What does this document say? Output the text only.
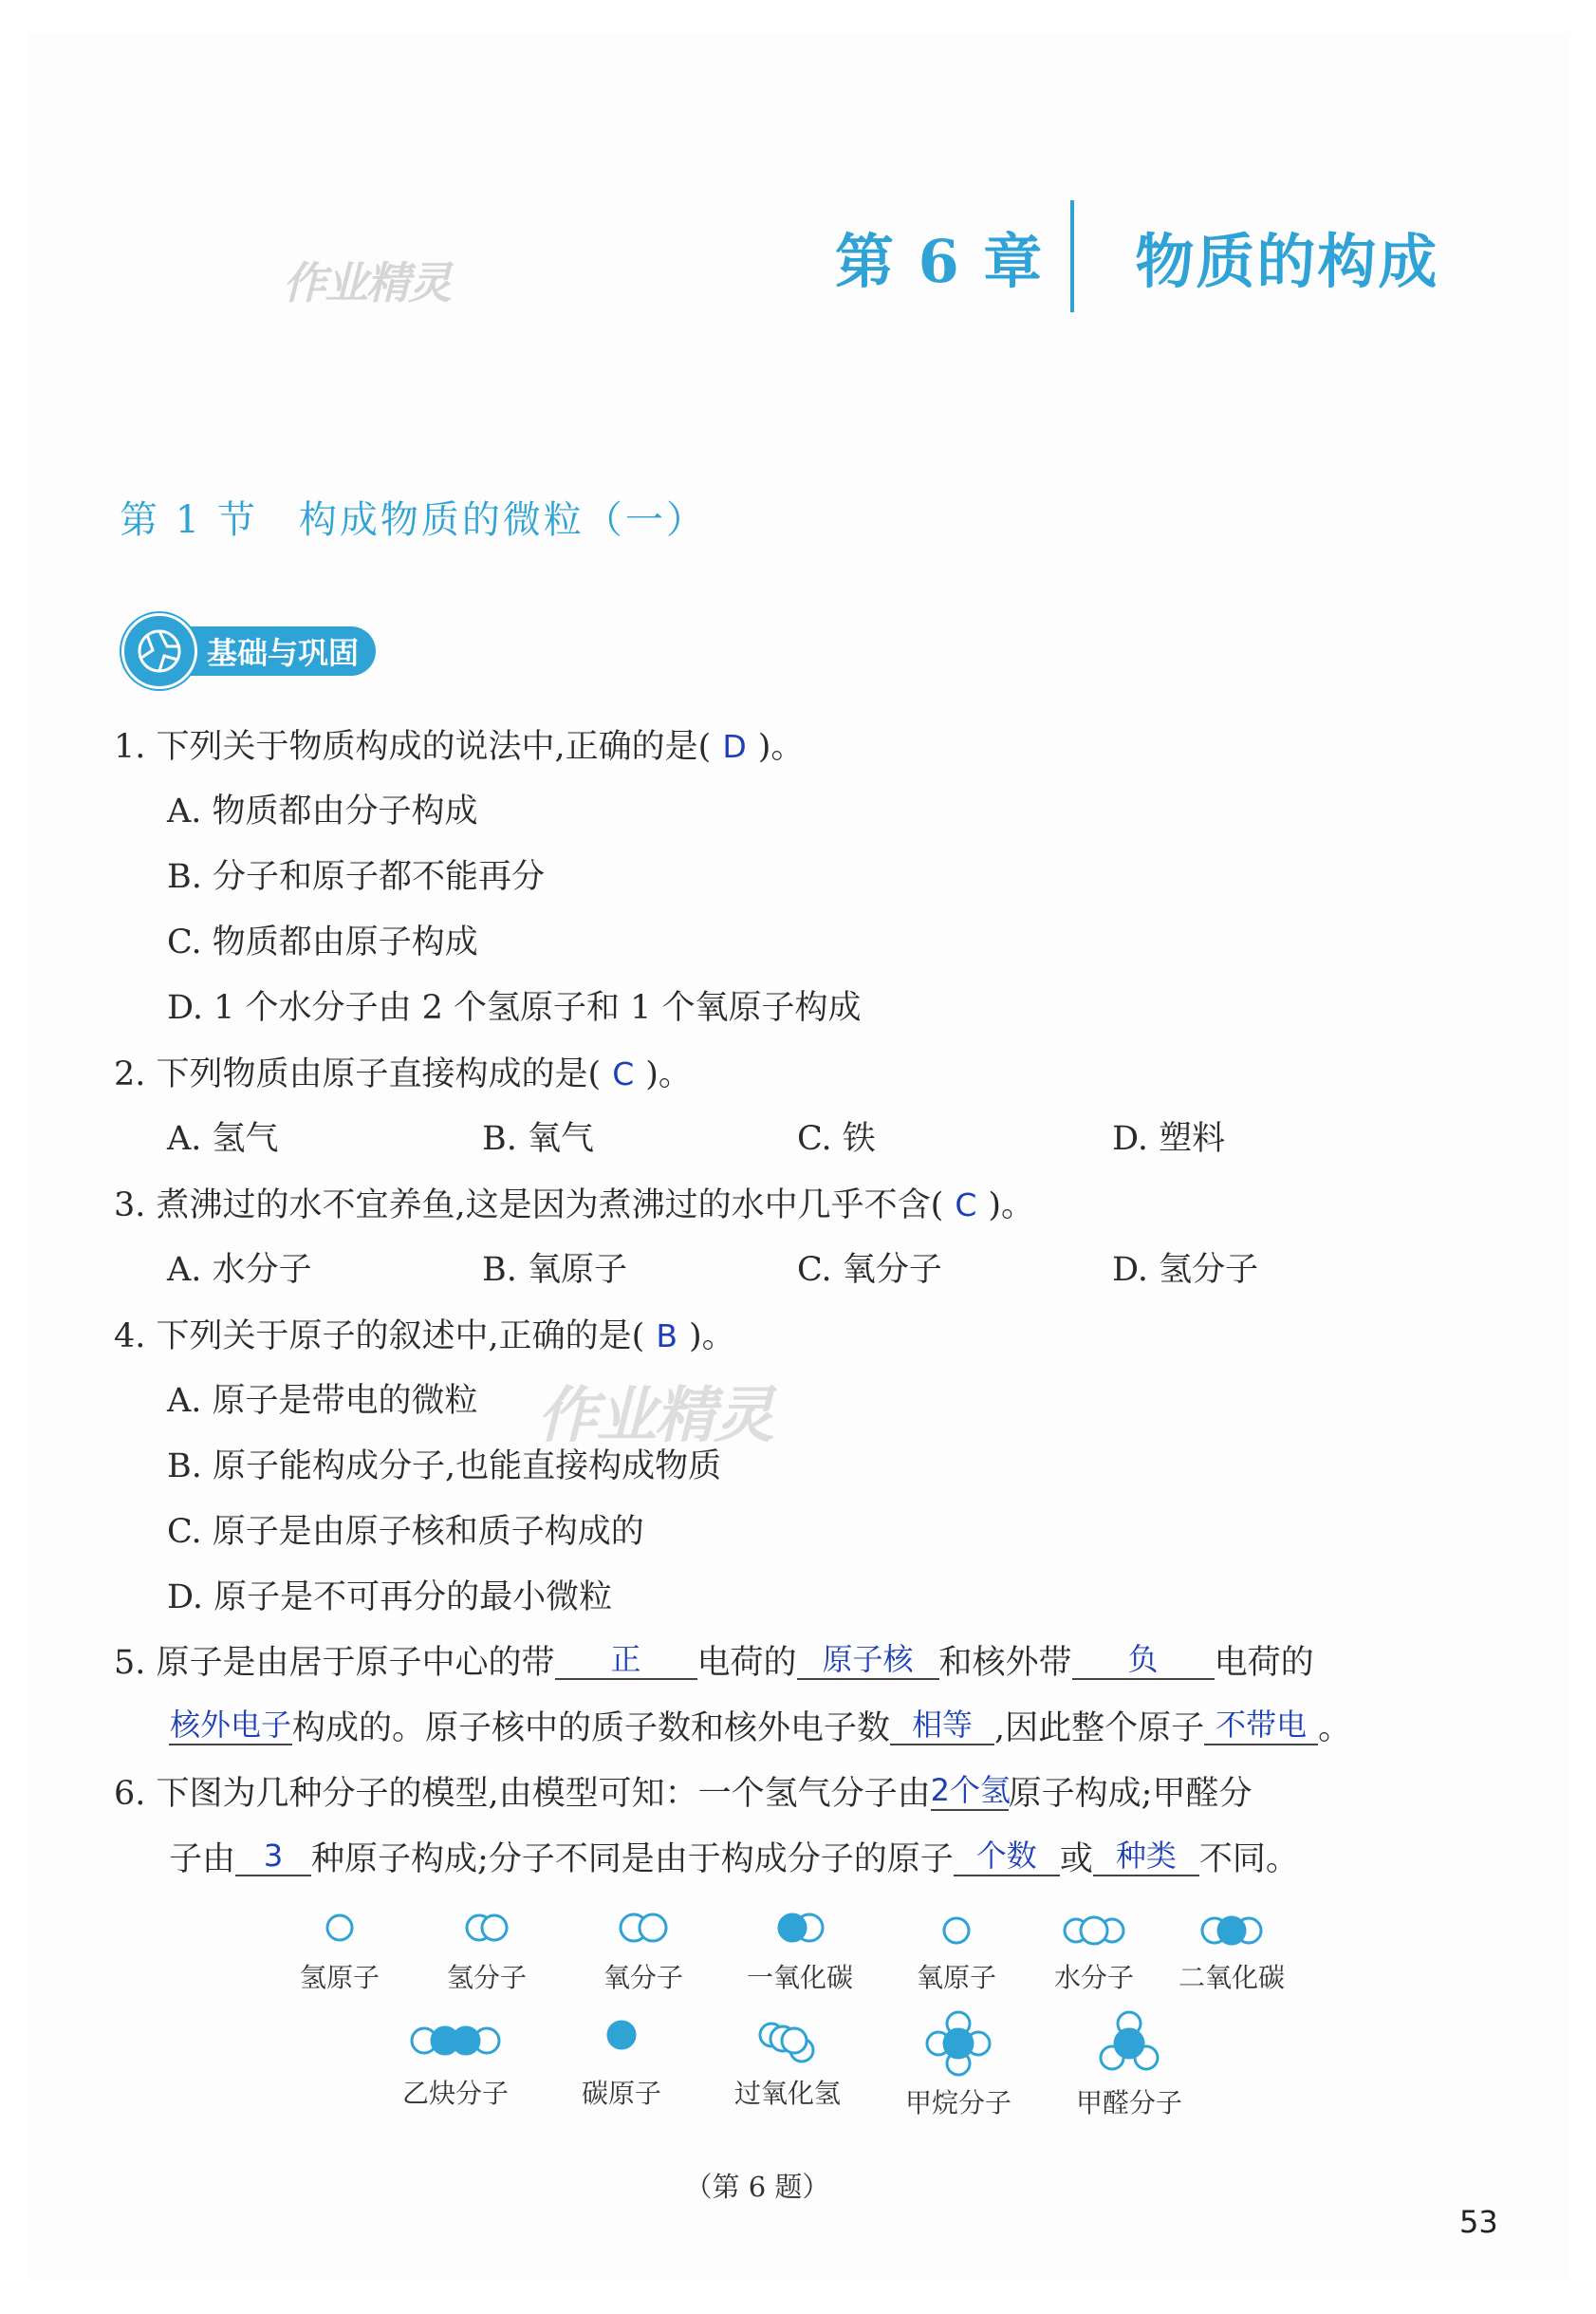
第 6 章 物质的构成
作业精灵
作业精灵
第 1 节　构成物质的微粒（一）
基础与巩固
1. 下列关于物质构成的说法中,正确的是( D )。
A. 物质都由分子构成
B. 分子和原子都不能再分
C. 物质都由原子构成
D. 1 个水分子由 2 个氢原子和 1 个氧原子构成
2. 下列物质由原子直接构成的是( C )。
A. 氢气	B. 氧气	C. 铁	D. 塑料
3. 煮沸过的水不宜养鱼,这是因为煮沸过的水中几乎不含( C )。
A. 水分子	B. 氧原子	C. 氧分子	D. 氢分子
4. 下列关于原子的叙述中,正确的是( B )。
A. 原子是带电的微粒
B. 原子能构成分子,也能直接构成物质
C. 原子是由原子核和质子构成的
D. 原子是不可再分的最小微粒
5. 原子是由居于原子中心的带 正 电荷的 原子核 和核外带 负 电荷的
核外电子构成的。原子核中的质子数和核外电子数 相等 ,因此整个原子 不带电 。
6. 下图为几种分子的模型,由模型可知：一个氢气分子由2个氢原子构成;甲醛分
子由 3 种原子构成;分子不同是由于构成分子的原子 个数 或 种类 不同。
氢原子	氢分子	氧分子 一氧化碳 氧原子 水分子 二氧化碳
乙炔分子	碳原子	过氧化氢 甲烷分子 甲醛分子
（第 6 题）
53
